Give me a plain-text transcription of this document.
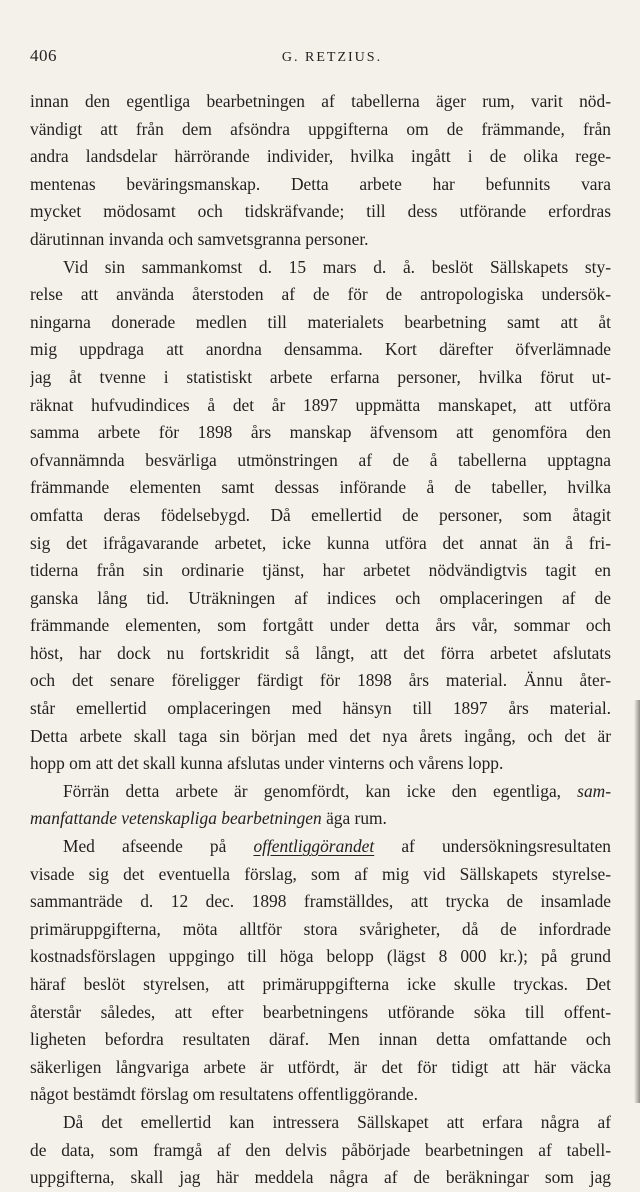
406	G. RETZIUS.
innan den egentliga bearbetningen af tabellerna äger rum, varit nöd-
vändigt att från dem afsöndra uppgifterna om de främmande, från
andra landsdelar härrörande individer, hvilka ingått i de olika rege-
mentenas beväringsmanskap. Detta arbete har befunnits vara
mycket mödosamt och tidskräfvande; till dess utförande erfordras
därutinnan invanda och samvetsgranna personer.
Vid sin sammankomst d. 15 mars d. å. beslöt Sällskapets sty-
relse att använda återstoden af de för de antropologiska undersök-
ningarna donerade medlen till materialets bearbetning samt att åt
mig uppdraga att anordna densamma. Kort därefter öfverlämnade
jag åt tvenne i statistiskt arbete erfarna personer, hvilka förut ut-
räknat hufvudindices å det år 1897 uppmätta manskapet, att utföra
samma arbete för 1898 års manskap äfvensom att genomföra den
ofvannämnda besvärliga utmönstringen af de å tabellerna upptagna
främmande elementen samt dessas införande å de tabeller, hvilka
omfatta deras födelsebygd. Då emellertid de personer, som åtagit
sig det ifrågavarande arbetet, icke kunna utföra det annat än å fri-
tiderna från sin ordinarie tjänst, har arbetet nödvändigtvis tagit en
ganska lång tid. Uträkningen af indices och omplaceringen af de
främmande elementen, som fortgått under detta års vår, sommar och
höst, har dock nu fortskridit så långt, att det förra arbetet afslutats
och det senare föreligger färdigt för 1898 års material. Ännu åter-
står emellertid omplaceringen med hänsyn till 1897 års material.
Detta arbete skall taga sin början med det nya årets ingång, och det är
hopp om att det skall kunna afslutas under vinterns och vårens lopp.
Förrän detta arbete är genomfördt, kan icke den egentliga, sam-
manfattande vetenskapliga bearbetningen äga rum.
Med afseende på offentliggörandet af undersökningsresultaten
visade sig det eventuella förslag, som af mig vid Sällskapets styrelse-
sammanträde d. 12 dec. 1898 framställdes, att trycka de insamlade
primäruppgifterna, möta alltför stora svårigheter, då de infordrade
kostnadsförslagen uppgingo till höga belopp (lägst 8 000 kr.); på grund
häraf beslöt styrelsen, att primäruppgifterna icke skulle tryckas. Det
återstår således, att efter bearbetningens utförande söka till offent-
ligheten befordra resultaten däraf. Men innan detta omfattande och
säkerligen långvariga arbete är utfördt, är det för tidigt att här väcka
något bestämdt förslag om resultatens offentliggörande.
Då det emellertid kan intressera Sällskapet att erfara några af
de data, som framgå af den delvis påbörjade bearbetningen af tabell-
uppgifterna, skall jag här meddela några af de beräkningar som jag
